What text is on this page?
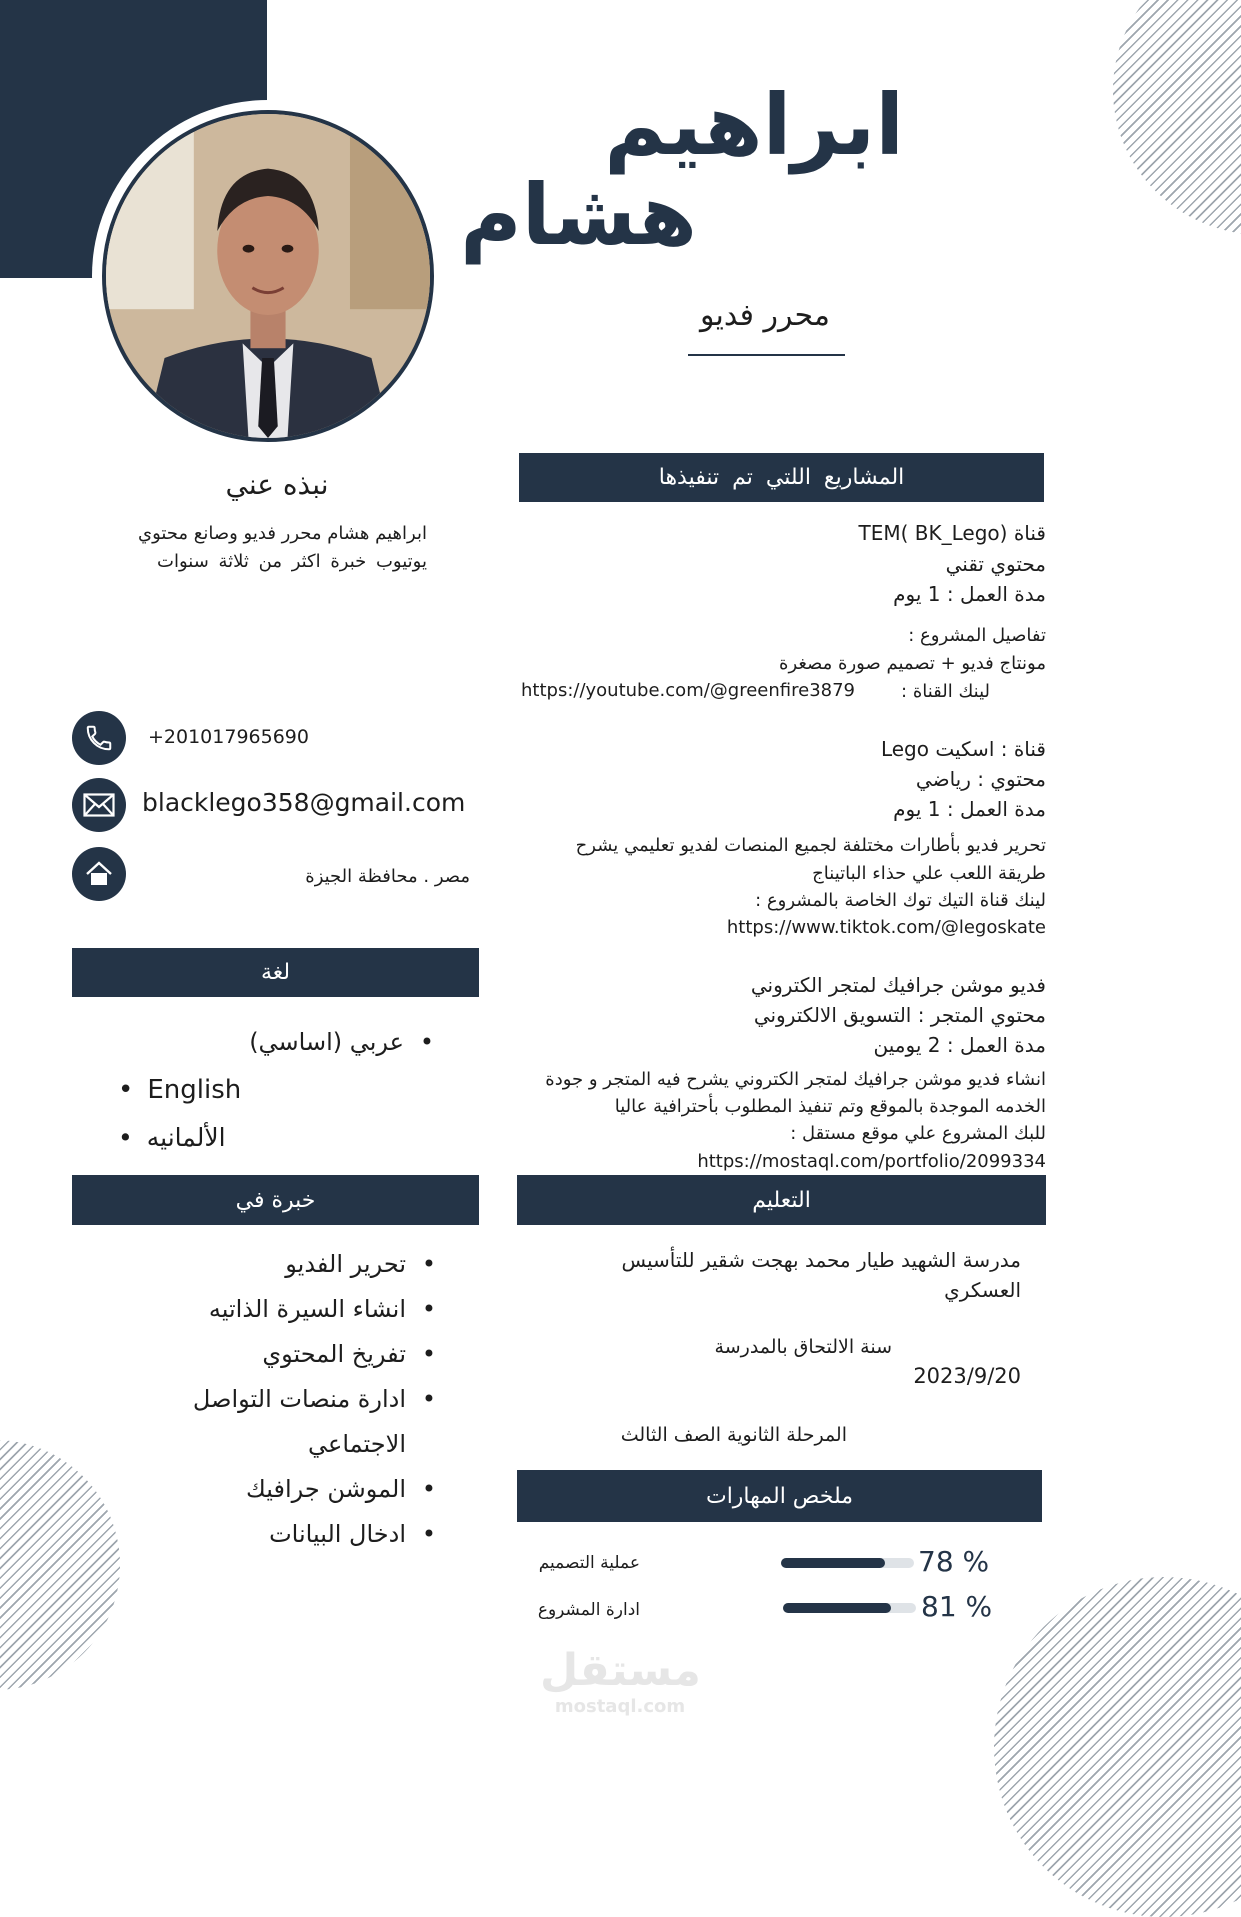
ابراهيم
هشام
محرر فديو
نبذه عني
ابراهيم هشام محرر فديو وصانع محتوي
يوتيوب خبرة اكثر من ثلاثة سنوات
+201017965690
blacklego358@gmail.com
مصر . محافظة الجيزة
لغة
• عربي (اساسي)
• English
• الألمانيه
خبرة في
• تحرير الفديو
• انشاء السيرة الذاتيه
• تفريخ المحتوي
• ادارة منصات التواصل
الاجتماعي
• الموشن جرافيك
• ادخال البيانات
المشاريع اللتي تم تنفيذها
قناة TEM( BK_Lego)
محتوي تقني
مدة العمل : 1 يوم
تفاصيل المشروع :
مونتاج فديو + تصميم صورة مصغرة
لينك القناة :
https://youtube.com/@greenfire3879
قناة : اسكيت Lego
محتوي : رياضي
مدة العمل : 1 يوم
تحرير فديو بأطارات مختلفة لجميع المنصات لفديو تعليمي يشرح
طريقة اللعب علي حذاء الباتيناج
لينك قناة التيك توك الخاصة بالمشروع :
https://www.tiktok.com/@legoskate
فديو موشن جرافيك لمتجر الكتروني
محتوي المتجر : التسويق الالكتروني
مدة العمل : 2 يومين
انشاء فديو موشن جرافيك لمتجر الكتروني يشرح فيه المتجر و جودة
الخدمه الموجدة بالموقع وتم تنفيذ المطلوب بأحترافية عاليا
للبك المشروع علي موقع مستقل :
https://mostaql.com/portfolio/2099334
التعليم
مدرسة الشهيد طيار محمد بهجت شقير للتأسيس
العسكري
سنة الالتحاق بالمدرسة
2023/9/20
المرحلة الثانوية الصف الثالث
ملخص المهارات
عملية التصميم	78 %
ادارة المشروع	81 %
مستقل
mostaql.com
